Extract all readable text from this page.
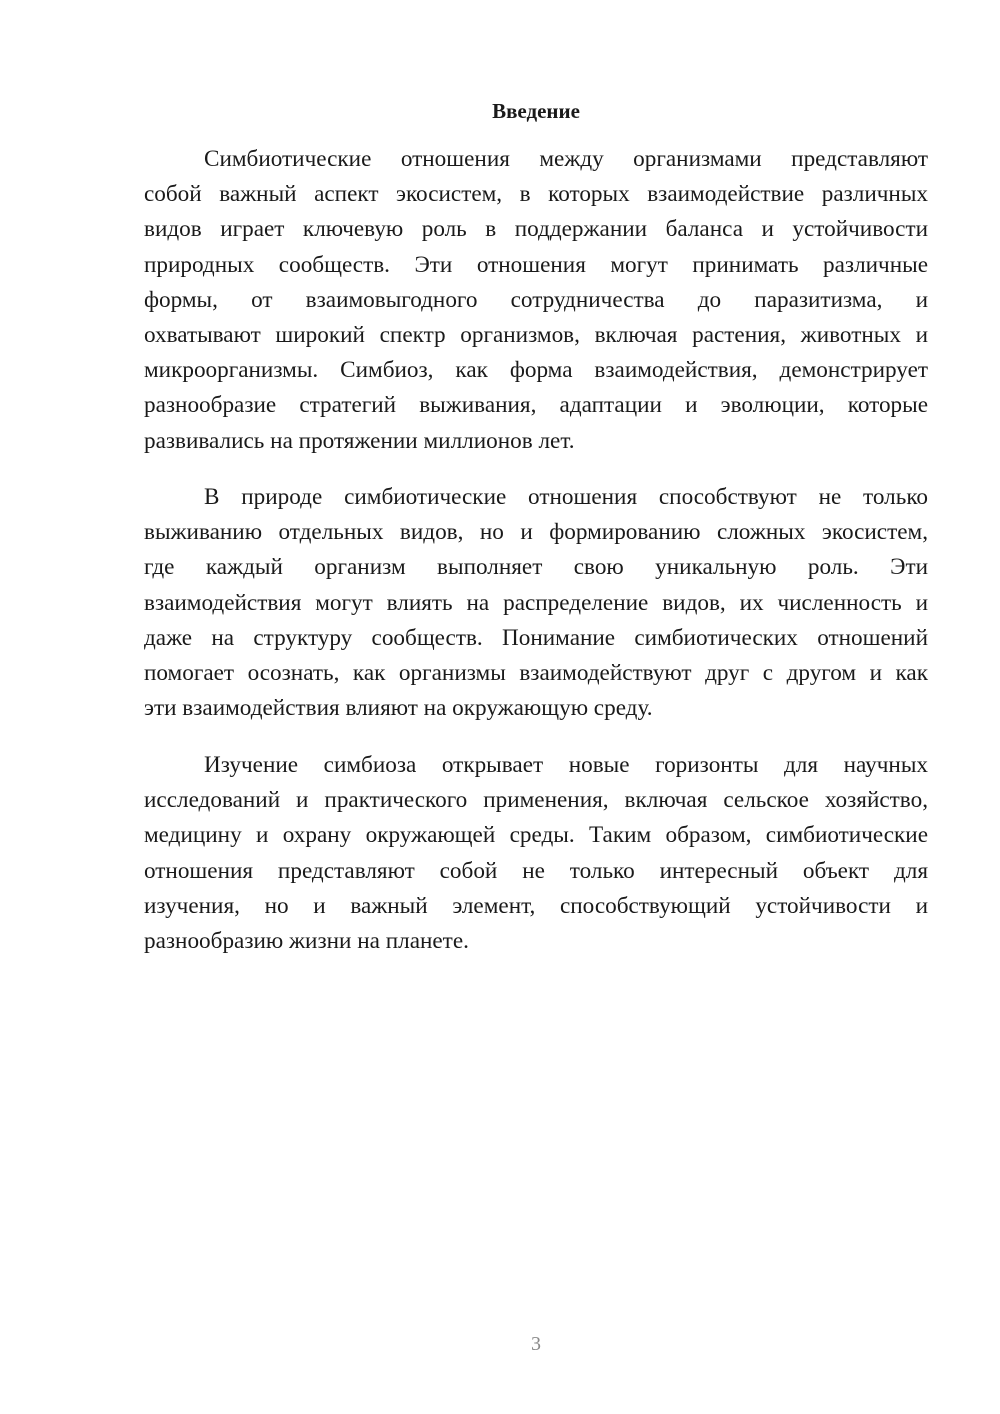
Введение
Симбиотические отношения между организмами представляют
собой важный аспект экосистем, в которых взаимодействие различных
видов играет ключевую роль в поддержании баланса и устойчивости
природных сообществ. Эти отношения могут принимать различные
формы, от взаимовыгодного сотрудничества до паразитизма, и
охватывают широкий спектр организмов, включая растения, животных и
микроорганизмы. Симбиоз, как форма взаимодействия, демонстрирует
разнообразие стратегий выживания, адаптации и эволюции, которые
развивались на протяжении миллионов лет.
В природе симбиотические отношения способствуют не только
выживанию отдельных видов, но и формированию сложных экосистем,
где каждый организм выполняет свою уникальную роль. Эти
взаимодействия могут влиять на распределение видов, их численность и
даже на структуру сообществ. Понимание симбиотических отношений
помогает осознать, как организмы взаимодействуют друг с другом и как
эти взаимодействия влияют на окружающую среду.
Изучение симбиоза открывает новые горизонты для научных
исследований и практического применения, включая сельское хозяйство,
медицину и охрану окружающей среды. Таким образом, симбиотические
отношения представляют собой не только интересный объект для
изучения, но и важный элемент, способствующий устойчивости и
разнообразию жизни на планете.
3
